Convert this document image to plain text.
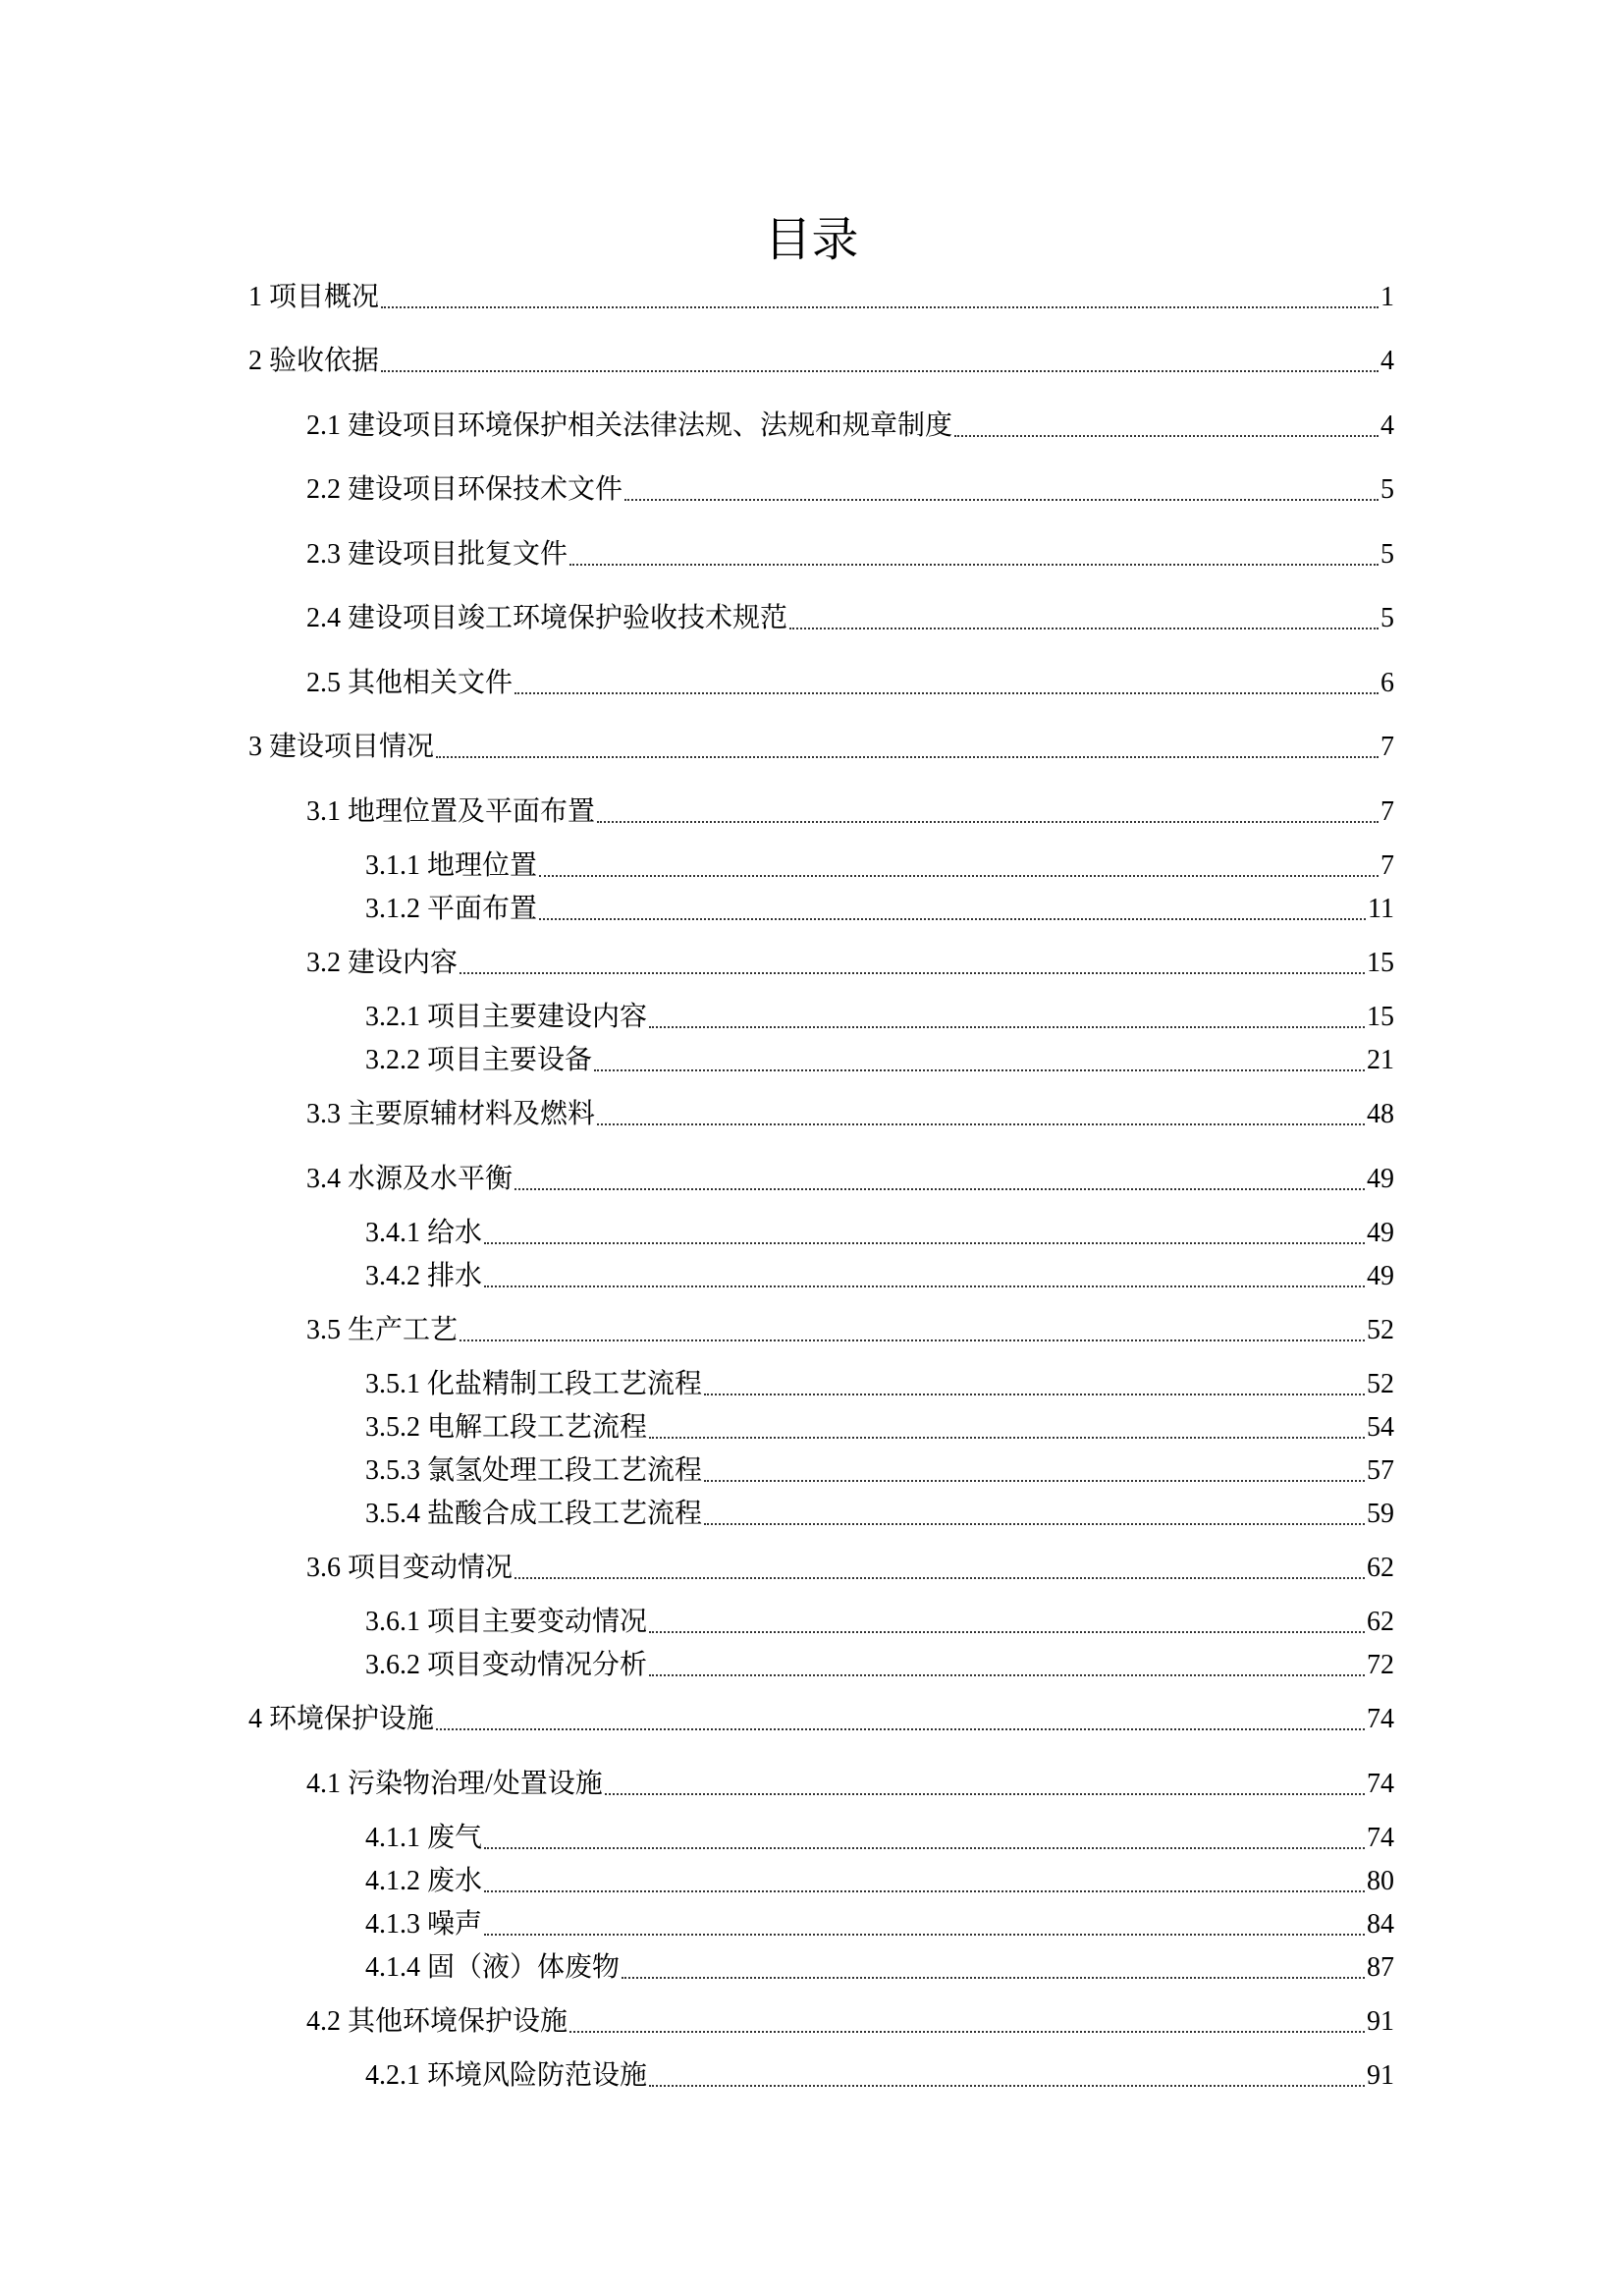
目录
1 项目概况	1
2 验收依据	4
2.1 建设项目环境保护相关法律法规、法规和规章制度	4
2.2 建设项目环保技术文件	5
2.3 建设项目批复文件	5
2.4 建设项目竣工环境保护验收技术规范	5
2.5 其他相关文件	6
3 建设项目情况	7
3.1 地理位置及平面布置	7
3.1.1 地理位置	7
3.1.2 平面布置	11
3.2 建设内容	15
3.2.1 项目主要建设内容	15
3.2.2 项目主要设备	21
3.3 主要原辅材料及燃料	48
3.4 水源及水平衡	49
3.4.1 给水	49
3.4.2 排水	49
3.5 生产工艺	52
3.5.1 化盐精制工段工艺流程	52
3.5.2 电解工段工艺流程	54
3.5.3 氯氢处理工段工艺流程	57
3.5.4 盐酸合成工段工艺流程	59
3.6 项目变动情况	62
3.6.1 项目主要变动情况	62
3.6.2 项目变动情况分析	72
4 环境保护设施	74
4.1 污染物治理/处置设施	74
4.1.1 废气	74
4.1.2 废水	80
4.1.3 噪声	84
4.1.4 固（液）体废物	87
4.2 其他环境保护设施	91
4.2.1 环境风险防范设施	91
